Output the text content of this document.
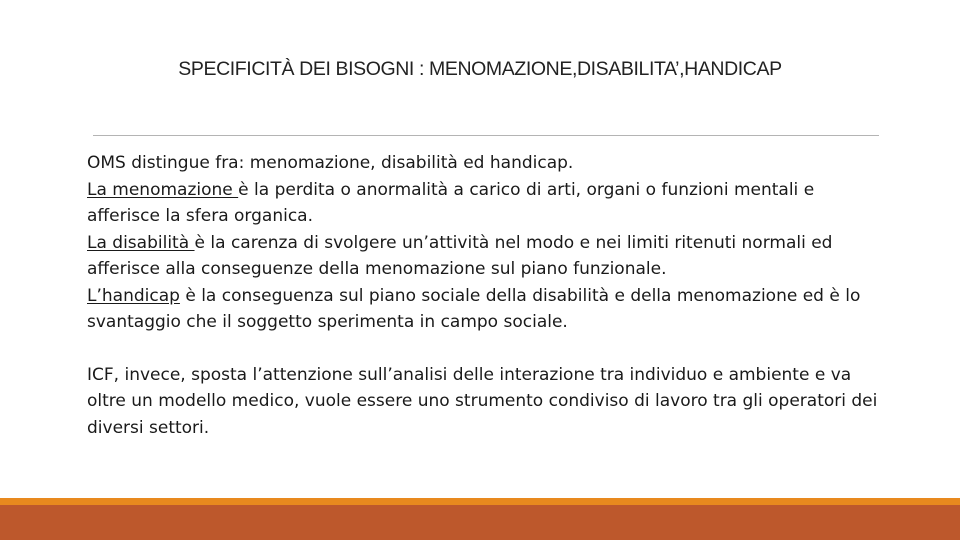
SPECIFICITÀ DEI BISOGNI : MENOMAZIONE,DISABILITA’,HANDICAP

OMS distingue fra: menomazione, disabilità ed handicap.

La menomazione è la perdita o anormalità a carico di arti, organi o funzioni mentali e afferisce la sfera organica.

La disabilità è la carenza di svolgere un’attività nel modo e nei limiti ritenuti normali ed afferisce alla conseguenze della menomazione sul piano funzionale.

L’handicap è la conseguenza sul piano sociale della disabilità e della menomazione ed è lo svantaggio che il soggetto sperimenta in campo sociale.

ICF, invece, sposta l’attenzione sull’analisi delle interazione tra individuo e ambiente e va oltre un modello medico, vuole essere uno strumento condiviso di lavoro tra gli operatori dei diversi settori.
